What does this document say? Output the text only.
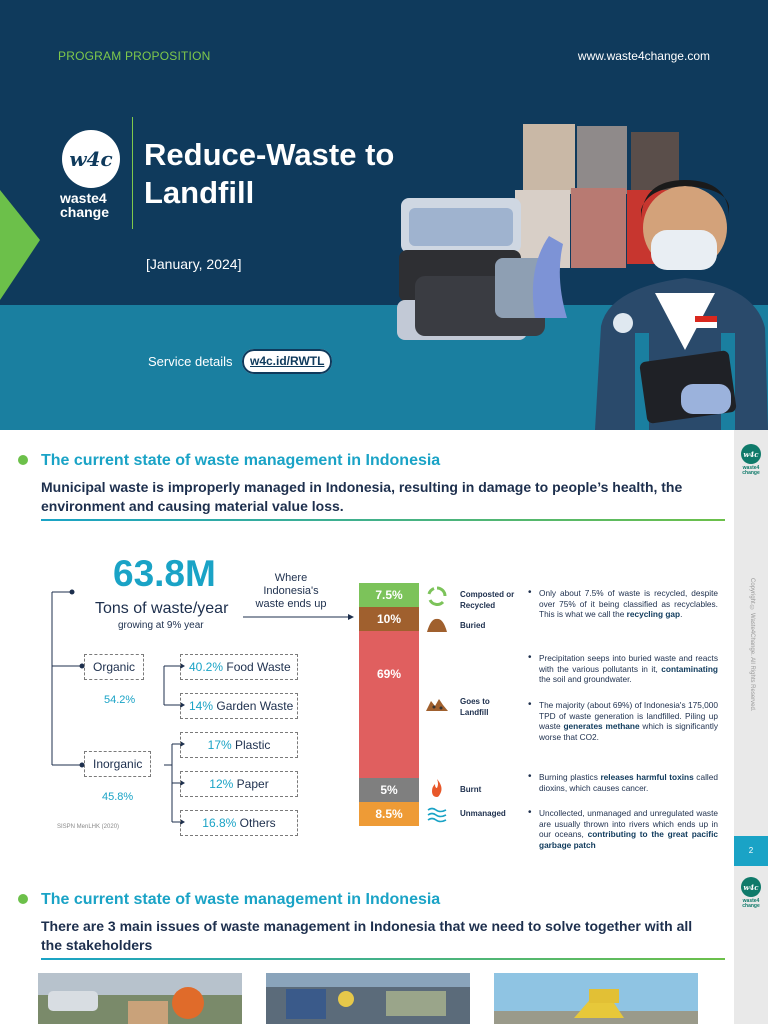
PROGRAM PROPOSITION	www.waste4change.com
w4c
waste4
change
Reduce-Waste to Landfill
[January, 2024]
Service details	w4c.id/RWTL
w4c
waste4 change
Copyright © Waste4Change. All Rights Reserved.
2
w4c
waste4 change
The current state of waste management in Indonesia
Municipal waste is improperly managed in Indonesia, resulting in damage to people’s health, the environment and causing material value loss.
63.8M
Tons of waste/year
growing at 9% year
Where Indonesia's waste ends up
Organic
54.2%
Inorganic
45.8%
40.2% Food Waste
14% Garden Waste
17% Plastic
12% Paper
16.8% Others
SISPN MenLHK (2020)
7.5%
10%
69%
5%
8.5%
Composted or Recycled
Buried
Goes to Landfill
Burnt
Unmanaged
• Only about 7.5% of waste is recycled, despite over 75% of it being classified as recyclables. This is what we call the recycling gap.
• Precipitation seeps into buried waste and reacts with the various pollutants in it, contaminating the soil and groundwater.
• The majority (about 69%) of Indonesia's 175,000 TPD of waste generation is landfilled. Piling up waste generates methane which is significantly worse that CO2.
• Burning plastics releases harmful toxins called dioxins, which causes cancer.
• Uncollected, unmanaged and unregulated waste are usually thrown into rivers which ends up in our oceans, contributing to the great pacific garbage patch
The current state of waste management in Indonesia
There are 3 main issues of waste management in Indonesia that we need to solve together with all the stakeholders
